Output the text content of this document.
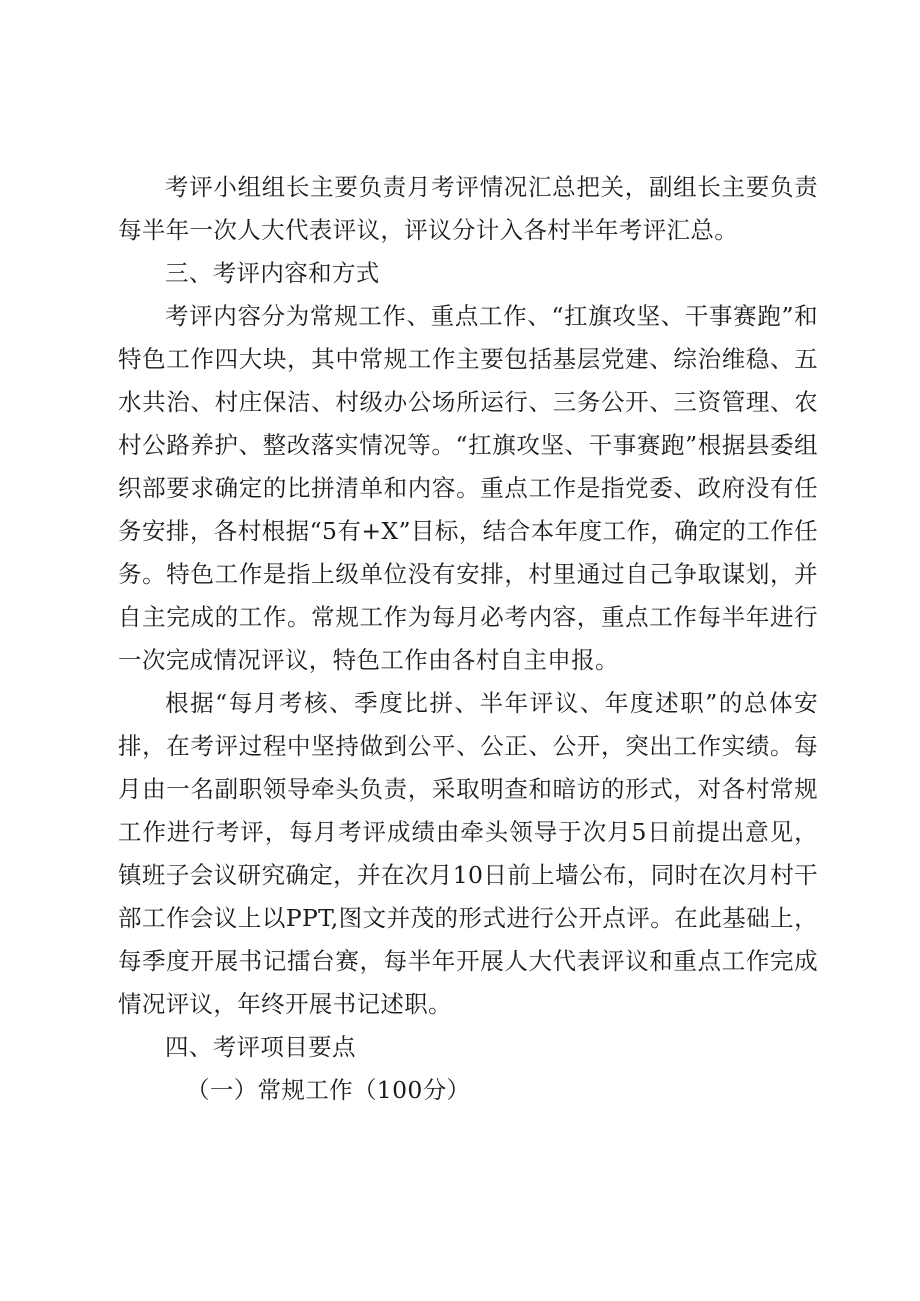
考评小组组长主要负责月考评情况汇总把关，副组长主要负责每半年一次人大代表评议，评议分计入各村半年考评汇总。

三、考评内容和方式

考评内容分为常规工作、重点工作、“扛旗攻坚、干事赛跑”和特色工作四大块，其中常规工作主要包括基层党建、综治维稳、五水共治、村庄保洁、村级办公场所运行、三务公开、三资管理、农村公路养护、整改落实情况等。“扛旗攻坚、干事赛跑”根据县委组织部要求确定的比拼清单和内容。重点工作是指党委、政府没有任务安排，各村根据“5有+X”目标，结合本年度工作，确定的工作任务。特色工作是指上级单位没有安排，村里通过自己争取谋划，并自主完成的工作。常规工作为每月必考内容，重点工作每半年进行一次完成情况评议，特色工作由各村自主申报。

根据“每月考核、季度比拼、半年评议、年度述职”的总体安排，在考评过程中坚持做到公平、公正、公开，突出工作实绩。每月由一名副职领导牵头负责，采取明查和暗访的形式，对各村常规工作进行考评，每月考评成绩由牵头领导于次月5日前提出意见，镇班子会议研究确定，并在次月10日前上墙公布，同时在次月村干部工作会议上以PPT,图文并茂的形式进行公开点评。在此基础上，每季度开展书记擂台赛，每半年开展人大代表评议和重点工作完成情况评议，年终开展书记述职。

四、考评项目要点

（一）常规工作（100分）
